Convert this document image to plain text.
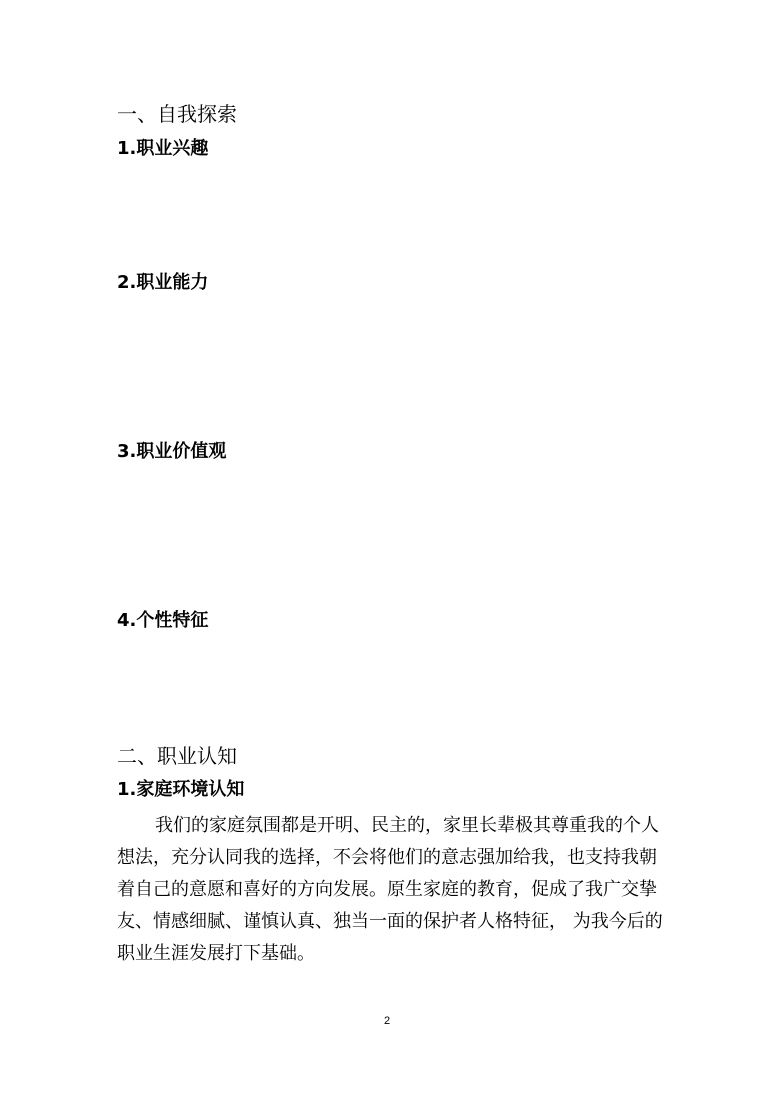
一、自我探索
1.职业兴趣
2.职业能力
3.职业价值观
4.个性特征
二、职业认知
1.家庭环境认知

我们的家庭氛围都是开明、民主的，家里长辈极其尊重我的个人想法，充分认同我的选择，不会将他们的意志强加给我，也支持我朝着自己的意愿和喜好的方向发展。原生家庭的教育，促成了我广交挚友、情感细腻、谨慎认真、独当一面的保护者人格特征， 为我今后的职业生涯发展打下基础。

2
